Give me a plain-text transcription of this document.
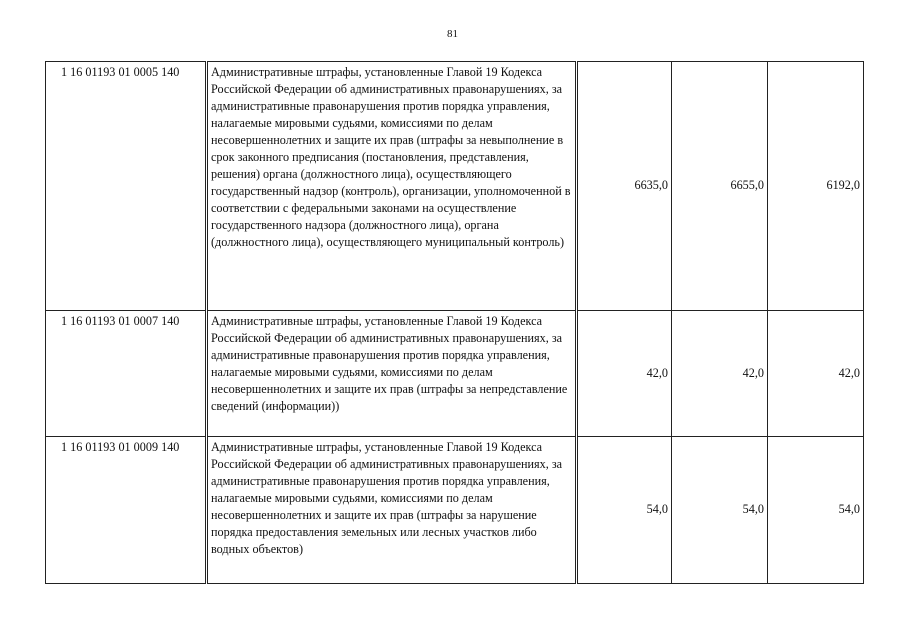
81
1 16 01193 01 0005 140	Административные штрафы, установленные Главой 19 Кодекса Российской Федерации об административных правонарушениях, за административные правонарушения против порядка управления, налагаемые мировыми судьями, комиссиями по делам несовершеннолетних и защите их прав (штрафы за невыполнение в срок законного предписания (постановления, представления, решения) органа (должностного лица), осуществляющего государственный надзор (контроль), организации, уполномоченной в соответствии с федеральными законами на осуществление государственного надзора (должностного лица), органа (должностного лица), осуществляющего муниципальный контроль)	6635,0	6655,0	6192,0
1 16 01193 01 0007 140	Административные штрафы, установленные Главой 19 Кодекса Российской Федерации об административных правонарушениях, за административные правонарушения против порядка управления, налагаемые мировыми судьями, комиссиями по делам несовершеннолетних и защите их прав (штрафы за непредставление сведений (информации))	42,0	42,0	42,0
1 16 01193 01 0009 140	Административные штрафы, установленные Главой 19 Кодекса Российской Федерации об административных правонарушениях, за административные правонарушения против порядка управления, налагаемые мировыми судьями, комиссиями по делам несовершеннолетних и защите их прав (штрафы за нарушение порядка предоставления земельных или лесных участков либо водных объектов)	54,0	54,0	54,0
